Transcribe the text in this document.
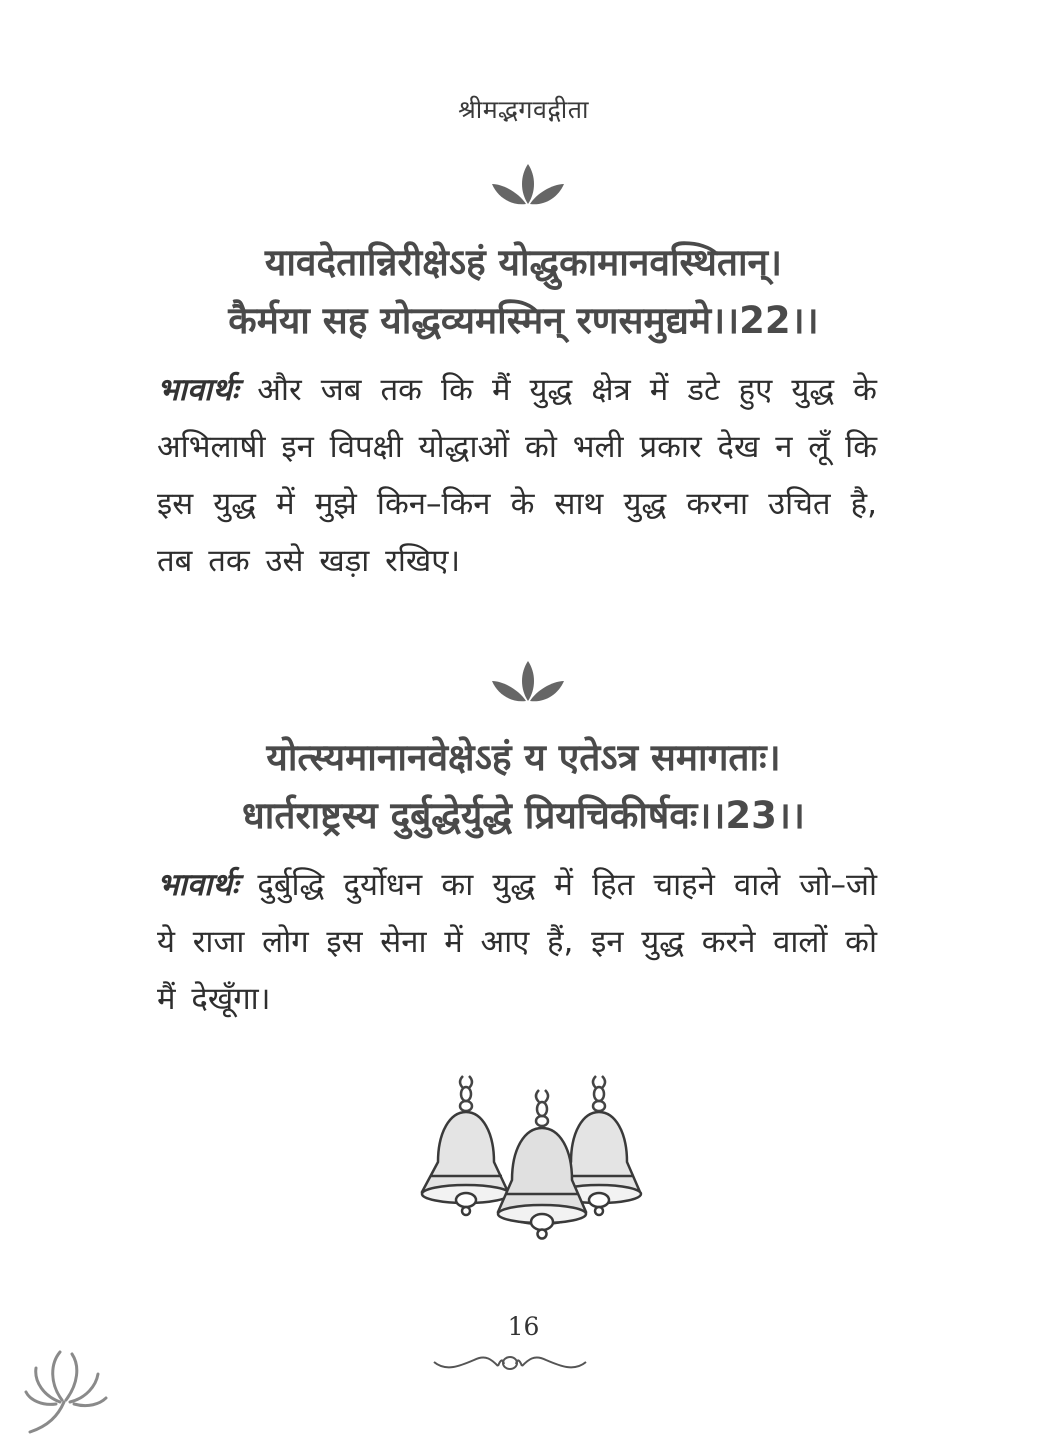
श्रीमद्भगवद्गीता
यावदेतान्निरीक्षेऽहं योद्धुकामानवस्थितान्।
कैर्मया सह योद्धव्यमस्मिन् रणसमुद्यमे।।22।।
भावार्थः और जब तक कि मैं युद्ध क्षेत्र में डटे हुए युद्ध के अभिलाषी इन विपक्षी योद्धाओं को भली प्रकार देख न लूँ कि इस युद्ध में मुझे किन–किन के साथ युद्ध करना उचित है, तब तक उसे खड़ा रखिए।
योत्स्यमानानवेक्षेऽहं य एतेऽत्र समागताः।
धार्तराष्ट्रस्य दुर्बुद्धेर्युद्धे प्रियचिकीर्षवः।।23।।
भावार्थः दुर्बुद्धि दुर्योधन का युद्ध में हित चाहने वाले जो–जो ये राजा लोग इस सेना में आए हैं, इन युद्ध करने वालों को मैं देखूँगा।
16
